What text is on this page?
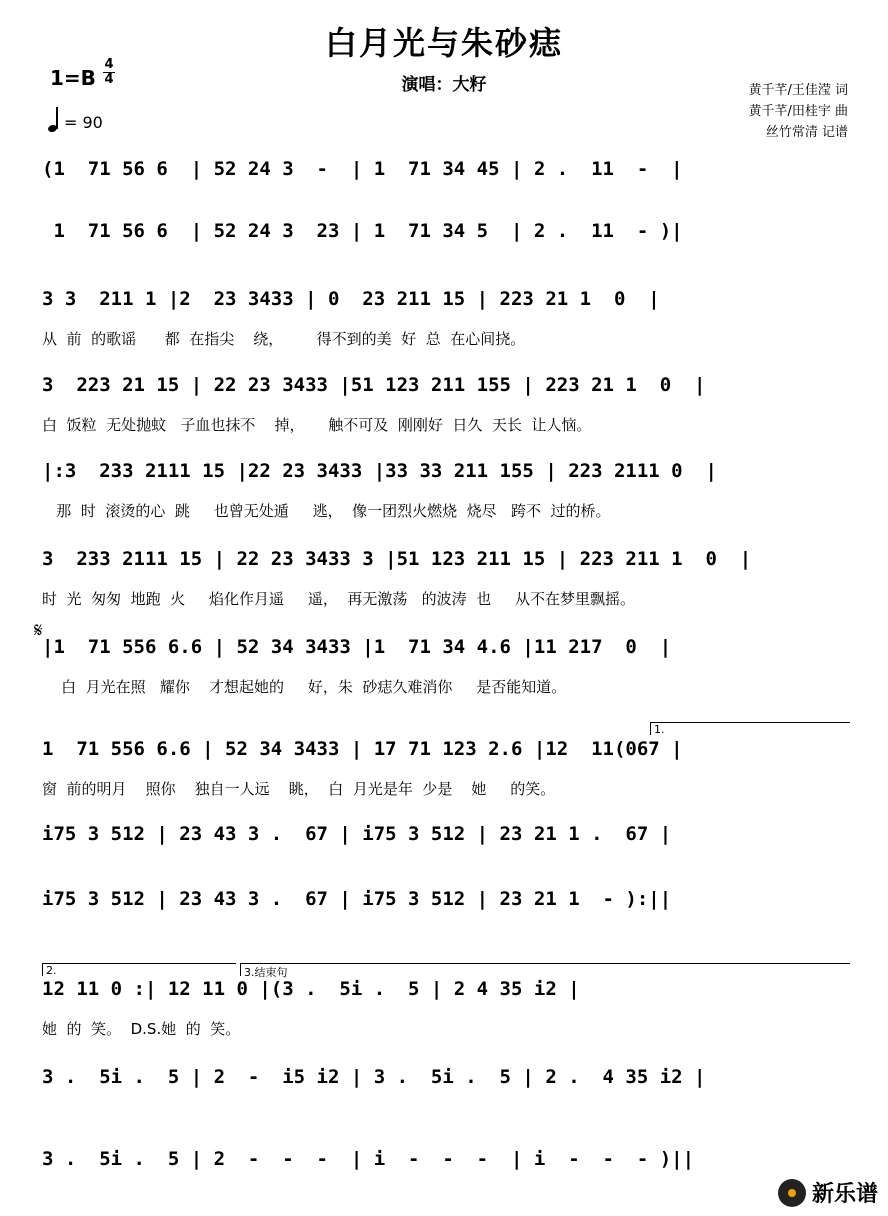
白月光与朱砂痣
1=B
4
4
= 90
演唱：大籽	黄千芊/王佳滢 词
黄千芊/田桂宇 曲
丝竹常清 记谱
(1  71 56 6  | 52 24 3  -  | 1  71 34 45 | 2 .  11  -  |
1  71 56 6  | 52 24 3  23 | 1  71 34 5  | 2 .  11  - )|
3 3  211 1 |2  23 3433 | 0  23 211 15 | 223 21 1  0  |
从  前  的歌谣      都  在指尖    绕，       得不到的美  好  总  在心间挠。
3  223 21 15 | 22 23 3433 |51 123 211 155 | 223 21 1  0  |
白  饭粒  无处抛蚊   子血也抹不    掉，     触不可及  刚刚好  日久  天长  让人恼。
|:3  233 2111 15 |22 23 3433 |33 33 211 155 | 223 2111 0  |
那  时  滚烫的心  跳     也曾无处遁     逃，  像一团烈火燃烧  烧尽   跨不  过的桥。
3  233 2111 15 | 22 23 3433 3 |51 123 211 15 | 223 211 1  0  |
时  光  匆匆  地跑  火     焰化作月遥     遥，  再无激荡   的波涛  也     从不在梦里飘摇。
|1  71 556 6.6 | 52 34 3433 |1  71 34 4.6 |11 217  0  |
白  月光在照   耀你    才想起她的     好，朱  砂痣久难消你     是否能知道。
1  71 556 6.6 | 52 34 3433 | 17 71 123 2.6 |12  11(067 |
窗  前的明月    照你    独自一人远    眺，  白  月光是年  少是    她     的笑。
i75 3 512 | 23 43 3 .  67 | i75 3 512 | 23 21 1 .  67 |
i75 3 512 | 23 43 3 .  67 | i75 3 512 | 23 21 1  - ):||
12 11 0 :| 12 11 0 |(3 .  5i .  5 | 2 4 35 i2 |
她  的  笑。  D.S.她  的  笑。
3 .  5i .  5 | 2  -  i5 i2 | 3 .  5i .  5 | 2 .  4 35 i2 |
3 .  5i .  5 | 2  -  -  -  | i  -  -  -  | i  -  -  - )||
1.
2.	3.结束句
𝄋
新乐谱
